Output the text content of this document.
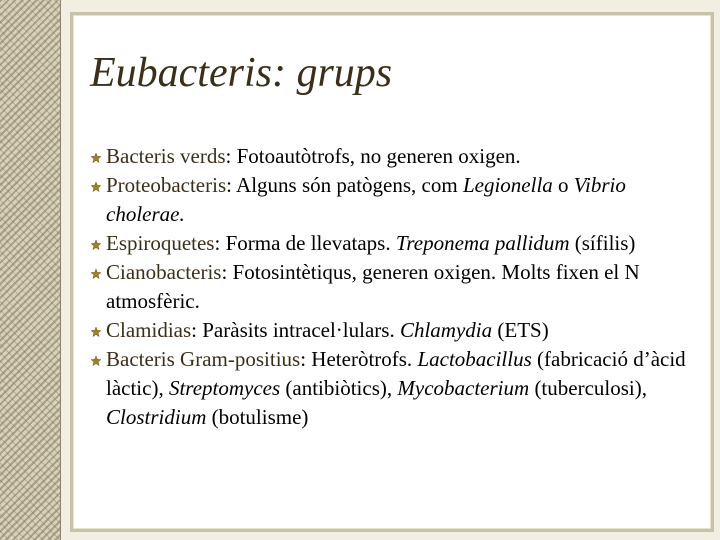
Eubacteris: grups
Bacteris verds: Fotoautòtrofs, no generen oxigen.
Proteobacteris: Alguns són patògens, com Legionella o Vibrio cholerae.
Espiroquetes: Forma de llevataps. Treponema pallidum (sífilis)
Cianobacteris: Fotosintètiqus, generen oxigen. Molts fixen el N atmosfèric.
Clamidias: Paràsits intracel·lulars. Chlamydia (ETS)
Bacteris Gram-positius: Heteròtrofs. Lactobacillus (fabricació d’àcid làctic), Streptomyces (antibiòtics), Mycobacterium (tuberculosi), Clostridium (botulisme)
